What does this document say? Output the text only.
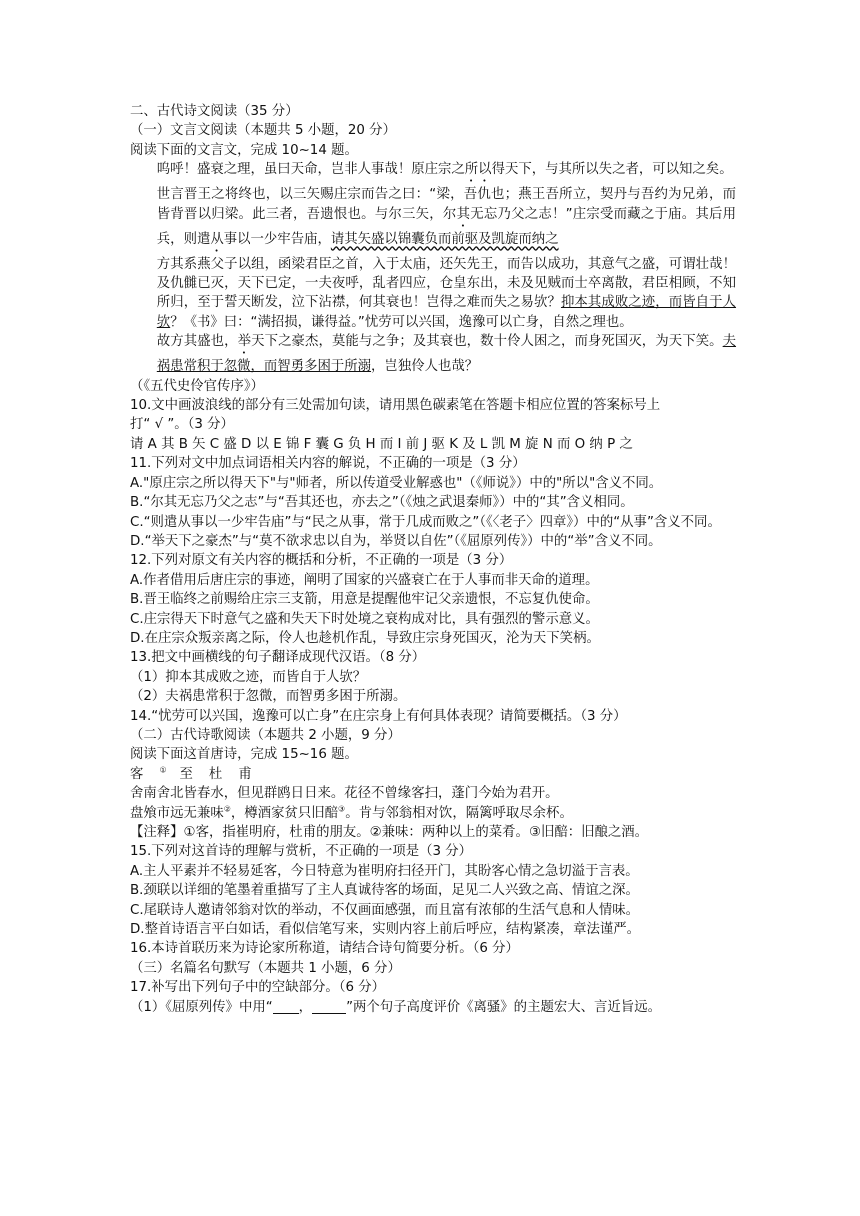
二、古代诗文阅读（35 分）
（一）文言文阅读（本题共 5 小题，20 分）
阅读下面的文言文，完成 10~14 题。
呜呼！盛衰之理，虽曰天命，岂非人事哉！原庄宗之所以得天下，与其所以失之者，可以知之矣。
世言晋王之将终也，以三矢赐庄宗而告之曰：“梁，吾仇也；燕王吾所立，契丹与吾约为兄弟，而皆背晋以归梁。此三者，吾遗恨也。与尔三矢，尔其无忘乃父之志！”庄宗受而藏之于庙。其后用兵，则遣从事以一少牢告庙，请其矢盛以锦囊负而前驱及凯旋而纳之
方其系燕父子以组，函梁君臣之首，入于太庙，还矢先王，而告以成功，其意气之盛，可谓壮哉！及仇雠已灭，天下已定，一夫夜呼，乱者四应，仓皇东出，未及见贼而士卒离散，君臣相顾，不知所归，至于誓天断发，泣下沾襟，何其衰也！岂得之难而失之易欤？抑本其成败之迹，而皆自于人欤？《书》曰：“满招损，谦得益。”忧劳可以兴国，逸豫可以亡身，自然之理也。
故方其盛也，举天下之豪杰，莫能与之争；及其衰也，数十伶人困之，而身死国灭，为天下笑。夫祸患常积于忽微，而智勇多困于所溺，岂独伶人也哉？
（《五代史伶官传序》）
10.文中画波浪线的部分有三处需加句读，请用黑色碳素笔在答题卡相应位置的答案标号上
打“ √ ”。（3 分）
请 A 其 B 矢 C 盛 D 以 E 锦 F 囊 G 负 H 而 I 前 J 驱 K 及 L 凯 M 旋 N 而 O 纳 P 之
11.下列对文中加点词语相关内容的解说，不正确的一项是（3 分）
A."原庄宗之所以得天下"与"师者，所以传道受业解惑也"（《师说》）中的"所以"含义不同。
B.“尔其无忘乃父之志”与“吾其还也，亦去之”（《烛之武退秦师》）中的“其”含义相同。
C.“则遣从事以一少牢告庙”与“民之从事，常于几成而败之”（《〈老子〉四章》）中的“从事”含义不同。
D.“举天下之豪杰”与“莫不欲求忠以自为，举贤以自佐”（《屈原列传》）中的“举”含义不同。
12.下列对原文有关内容的概括和分析，不正确的一项是（3 分）
A.作者借用后唐庄宗的事迹，阐明了国家的兴盛衰亡在于人事而非天命的道理。
B.晋王临终之前赐给庄宗三支箭，用意是提醒他牢记父亲遗恨，不忘复仇使命。
C.庄宗得天下时意气之盛和失天下时处境之衰构成对比，具有强烈的警示意义。
D.在庄宗众叛亲离之际，伶人也趁机作乱，导致庄宗身死国灭，沦为天下笑柄。
13.把文中画横线的句子翻译成现代汉语。（8 分）
（1）抑本其成败之迹，而皆自于人欤？
（2）夫祸患常积于忽微，而智勇多困于所溺。
14.“忧劳可以兴国，逸豫可以亡身”在庄宗身上有何具体表现？请简要概括。（3 分）
（二）古代诗歌阅读（本题共 2 小题，9 分）
阅读下面这首唐诗，完成 15~16 题。
客① 至杜甫
舍南舍北皆春水，但见群鸥日日来。花径不曾缘客扫，蓬门今始为君开。
盘飧市远无兼味②，樽酒家贫只旧醅③。肯与邻翁相对饮，隔篱呼取尽余杯。
【注释】①客，指崔明府，杜甫的朋友。②兼味：两种以上的菜肴。③旧醅：旧酿之酒。
15.下列对这首诗的理解与赏析，不正确的一项是（3 分）
A.主人平素并不轻易延客，今日特意为崔明府扫径开门，其盼客心情之急切溢于言表。
B.颈联以详细的笔墨着重描写了主人真诚待客的场面，足见二人兴致之高、情谊之深。
C.尾联诗人邀请邻翁对饮的举动，不仅画面感强，而且富有浓郁的生活气息和人情味。
D.整首诗语言平白如话，看似信笔写来，实则内容上前后呼应，结构紧凑，章法谨严。
16.本诗首联历来为诗论家所称道，请结合诗句简要分析。（6 分）
（三）名篇名句默写（本题共 1 小题，6 分）
17.补写出下列句子中的空缺部分。（6 分）
（1）《屈原列传》中用“ ，	”两个句子高度评价《离骚》的主题宏大、言近旨远。
